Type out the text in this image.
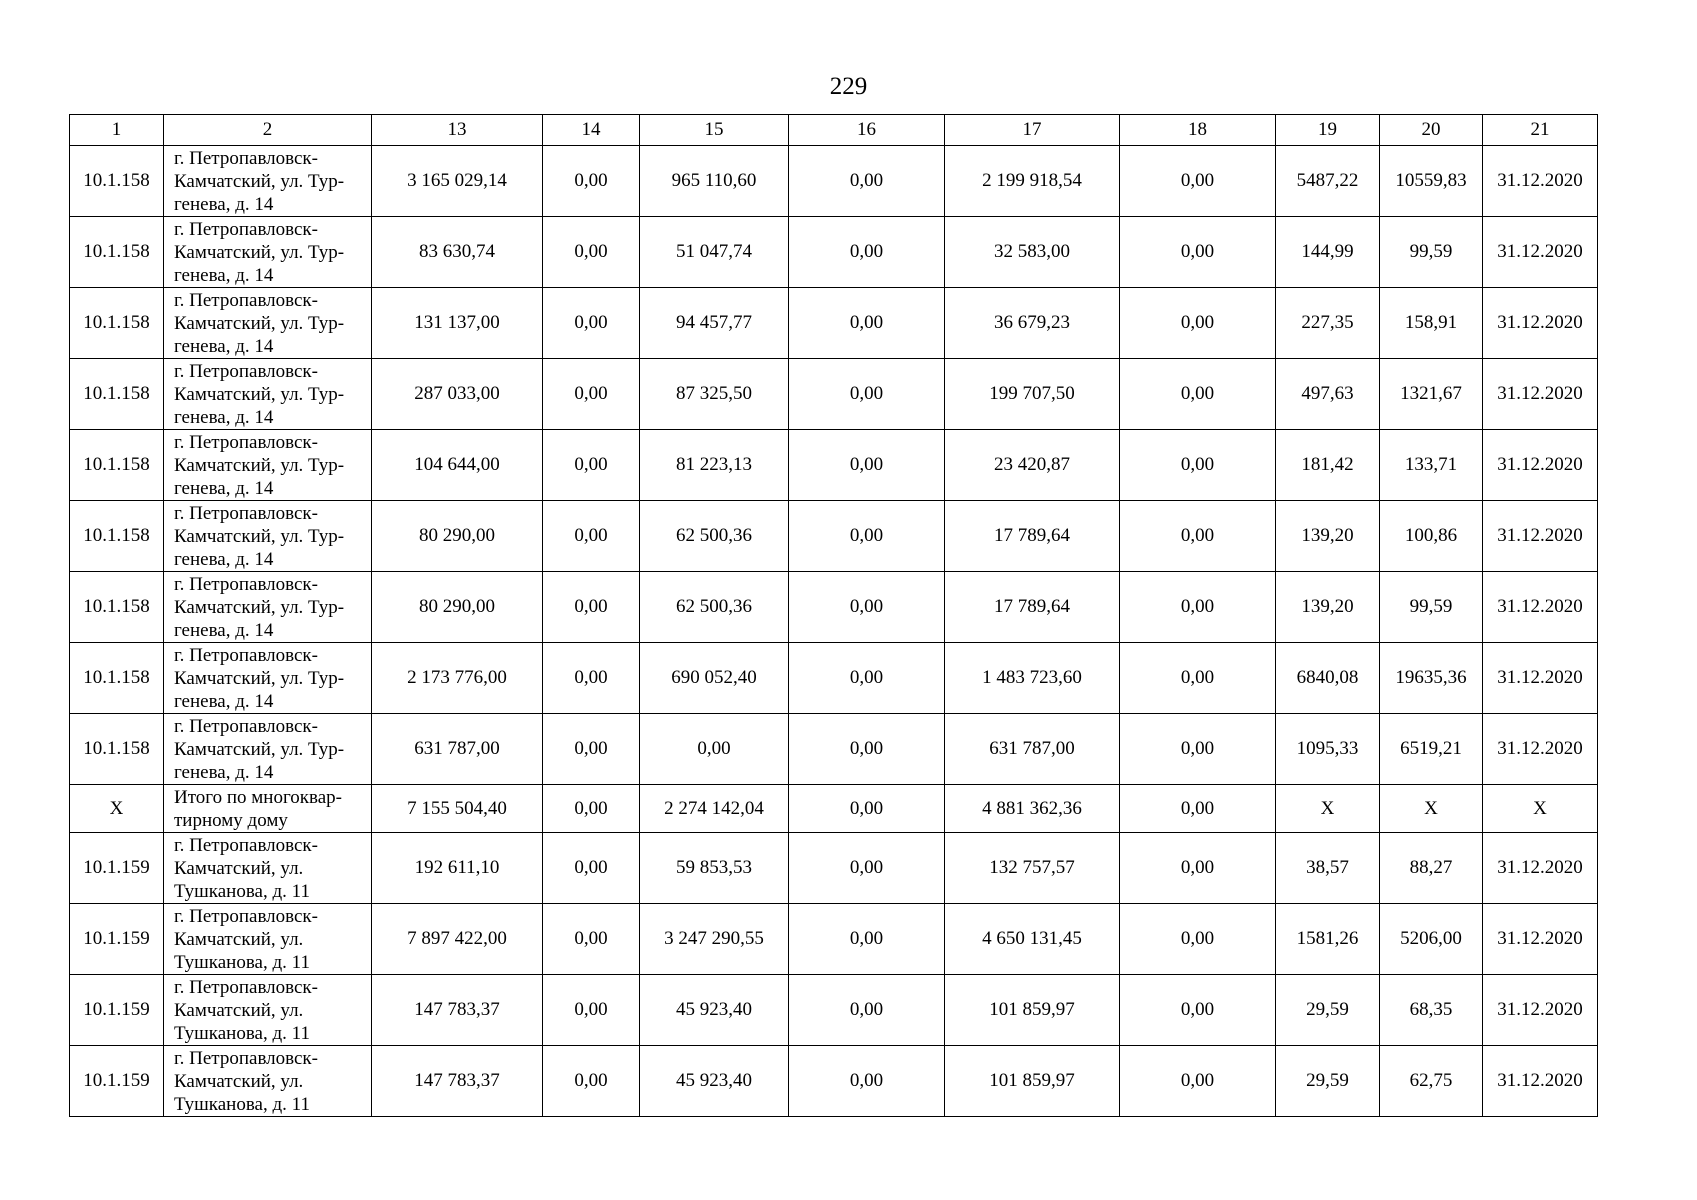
229
1	2	13	14	15	16	17	18	19	20	21
10.1.158	г. Петропавловск-
Камчатский, ул. Тур-
генева, д. 14	3 165 029,14	0,00	965 110,60	0,00	2 199 918,54	0,00	5487,22	10559,83	31.12.2020
10.1.158	г. Петропавловск-
Камчатский, ул. Тур-
генева, д. 14	83 630,74	0,00	51 047,74	0,00	32 583,00	0,00	144,99	99,59	31.12.2020
10.1.158	г. Петропавловск-
Камчатский, ул. Тур-
генева, д. 14	131 137,00	0,00	94 457,77	0,00	36 679,23	0,00	227,35	158,91	31.12.2020
10.1.158	г. Петропавловск-
Камчатский, ул. Тур-
генева, д. 14	287 033,00	0,00	87 325,50	0,00	199 707,50	0,00	497,63	1321,67	31.12.2020
10.1.158	г. Петропавловск-
Камчатский, ул. Тур-
генева, д. 14	104 644,00	0,00	81 223,13	0,00	23 420,87	0,00	181,42	133,71	31.12.2020
10.1.158	г. Петропавловск-
Камчатский, ул. Тур-
генева, д. 14	80 290,00	0,00	62 500,36	0,00	17 789,64	0,00	139,20	100,86	31.12.2020
10.1.158	г. Петропавловск-
Камчатский, ул. Тур-
генева, д. 14	80 290,00	0,00	62 500,36	0,00	17 789,64	0,00	139,20	99,59	31.12.2020
10.1.158	г. Петропавловск-
Камчатский, ул. Тур-
генева, д. 14	2 173 776,00	0,00	690 052,40	0,00	1 483 723,60	0,00	6840,08	19635,36	31.12.2020
10.1.158	г. Петропавловск-
Камчатский, ул. Тур-
генева, д. 14	631 787,00	0,00	0,00	0,00	631 787,00	0,00	1095,33	6519,21	31.12.2020
X	Итого по многоквар-
тирному дому	7 155 504,40	0,00	2 274 142,04	0,00	4 881 362,36	0,00	X	X	X
10.1.159	г. Петропавловск-
Камчатский, ул.
Тушканова, д. 11	192 611,10	0,00	59 853,53	0,00	132 757,57	0,00	38,57	88,27	31.12.2020
10.1.159	г. Петропавловск-
Камчатский, ул.
Тушканова, д. 11	7 897 422,00	0,00	3 247 290,55	0,00	4 650 131,45	0,00	1581,26	5206,00	31.12.2020
10.1.159	г. Петропавловск-
Камчатский, ул.
Тушканова, д. 11	147 783,37	0,00	45 923,40	0,00	101 859,97	0,00	29,59	68,35	31.12.2020
10.1.159	г. Петропавловск-
Камчатский, ул.
Тушканова, д. 11	147 783,37	0,00	45 923,40	0,00	101 859,97	0,00	29,59	62,75	31.12.2020
